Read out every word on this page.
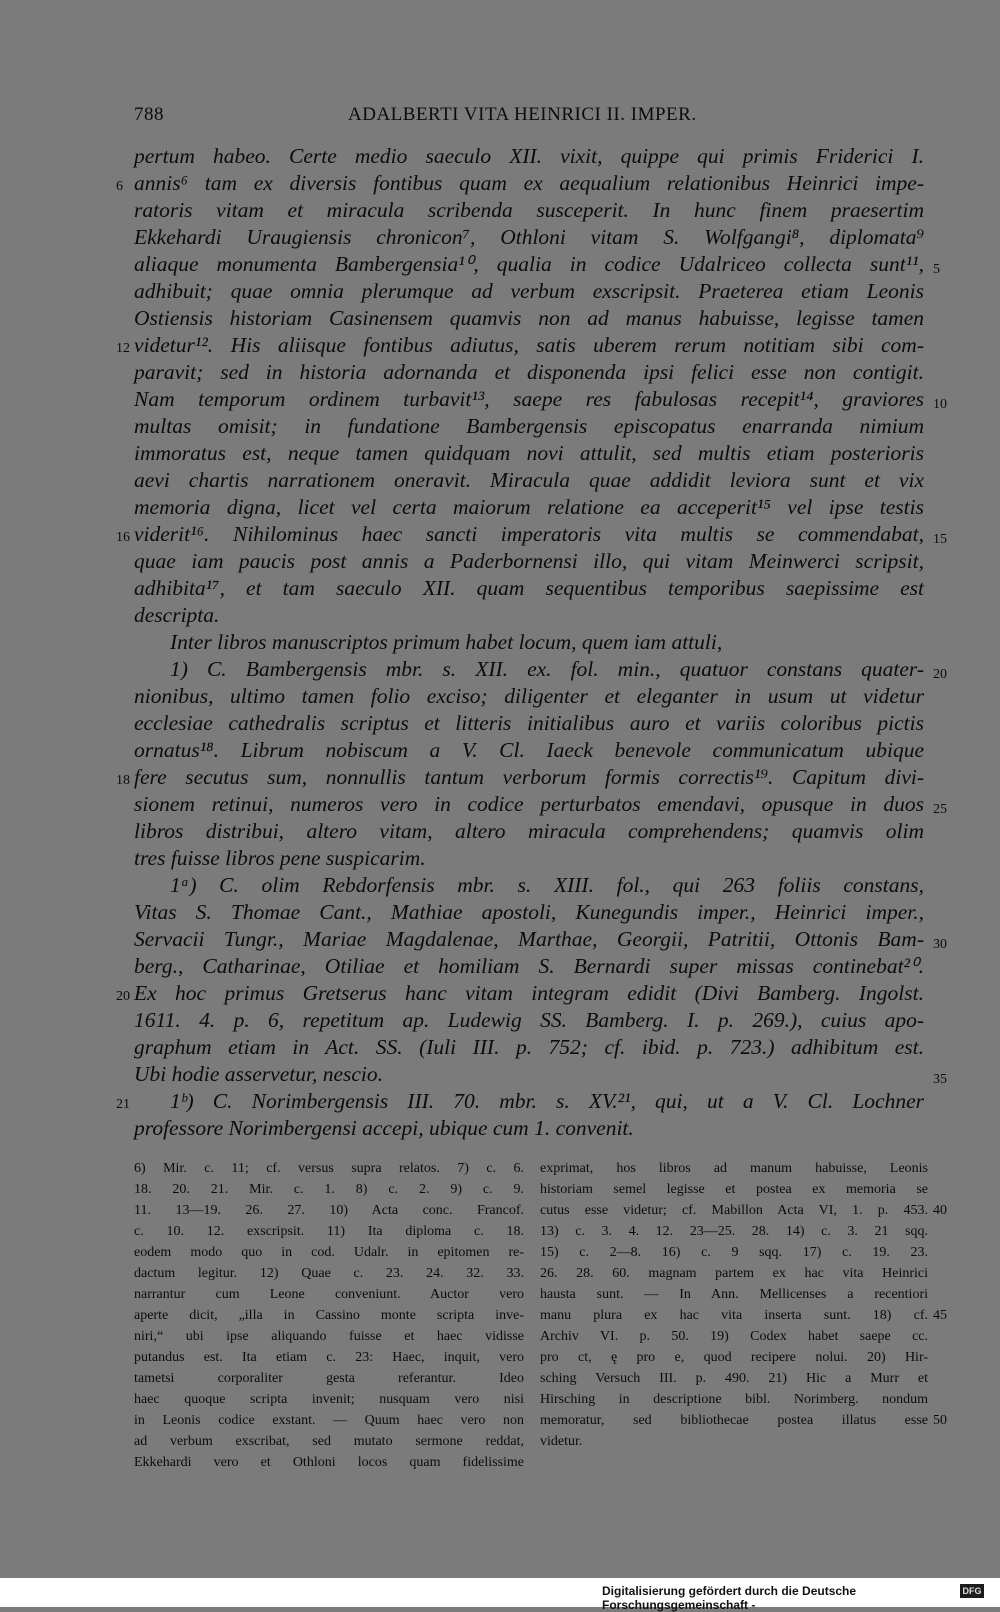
788	ADALBERTI VITA HEINRICI II. IMPER.
pertum habeo. Certe medio saeculo XII. vixit, quippe qui primis Friderici I.
annis⁶ tam ex diversis fontibus quam ex aequalium relationibus Heinrici impe-
ratoris vitam et miracula scribenda susceperit. In hunc finem praesertim
Ekkehardi Uraugiensis chronicon⁷, Othloni vitam S. Wolfgangi⁸, diplomata⁹
aliaque monumenta Bambergensia¹⁰, qualia in codice Udalriceo collecta sunt¹¹,
adhibuit; quae omnia plerumque ad verbum exscripsit. Praeterea etiam Leonis
Ostiensis historiam Casinensem quamvis non ad manus habuisse, legisse tamen
videtur¹². His aliisque fontibus adiutus, satis uberem rerum notitiam sibi com-
paravit; sed in historia adornanda et disponenda ipsi felici esse non contigit.
Nam temporum ordinem turbavit¹³, saepe res fabulosas recepit¹⁴, graviores
multas omisit; in fundatione Bambergensis episcopatus enarranda nimium
immoratus est, neque tamen quidquam novi attulit, sed multis etiam posterioris
aevi chartis narrationem oneravit. Miracula quae addidit leviora sunt et vix
memoria digna, licet vel certa maiorum relatione ea acceperit¹⁵ vel ipse testis
viderit¹⁶. Nihilominus haec sancti imperatoris vita multis se commendabat,
quae iam paucis post annis a Paderbornensi illo, qui vitam Meinwerci scripsit,
adhibita¹⁷, et tam saeculo XII. quam sequentibus temporibus saepissime est
descripta.
Inter libros manuscriptos primum habet locum, quem iam attuli,
1) C. Bambergensis mbr. s. XII. ex. fol. min., quatuor constans quater-
nionibus, ultimo tamen folio exciso; diligenter et eleganter in usum ut videtur
ecclesiae cathedralis scriptus et litteris initialibus auro et variis coloribus pictis
ornatus¹⁸. Librum nobiscum a V. Cl. Iaeck benevole communicatum ubique
fere secutus sum, nonnullis tantum verborum formis correctis¹⁹. Capitum divi-
sionem retinui, numeros vero in codice perturbatos emendavi, opusque in duos
libros distribui, altero vitam, altero miracula comprehendens; quamvis olim
tres fuisse libros pene suspicarim.
1ᵃ) C. olim Rebdorfensis mbr. s. XIII. fol., qui 263 foliis constans,
Vitas S. Thomae Cant., Mathiae apostoli, Kunegundis imper., Heinrici imper.,
Servacii Tungr., Mariae Magdalenae, Marthae, Georgii, Patritii, Ottonis Bam-
berg., Catharinae, Otiliae et homiliam S. Bernardi super missas continebat²⁰.
Ex hoc primus Gretserus hanc vitam integram edidit (Divi Bamberg. Ingolst.
1611. 4. p. 6, repetitum ap. Ludewig SS. Bamberg. I. p. 269.), cuius apo-
graphum etiam in Act. SS. (Iuli III. p. 752; cf. ibid. p. 723.) adhibitum est.
Ubi hodie asservetur, nescio.
1ᵇ) C. Norimbergensis III. 70. mbr. s. XV.²¹, qui, ut a V. Cl. Lochner
professore Norimbergensi accepi, ubique cum 1. convenit.
6
12
16
18
20
21
5
10
15
20
25
30
35
40
45
50
6) Mir. c. 11; cf. versus supra relatos. 7) c. 6.
18. 20. 21. Mir. c. 1. 8) c. 2. 9) c. 9.
11. 13—19. 26. 27. 10) Acta conc. Francof.
c. 10. 12. exscripsit. 11) Ita diploma c. 18.
eodem modo quo in cod. Udalr. in epitomen re-
dactum legitur. 12) Quae c. 23. 24. 32. 33.
narrantur cum Leone conveniunt. Auctor vero
aperte dicit, „illa in Cassino monte scripta inve-
niri,“ ubi ipse aliquando fuisse et haec vidisse
putandus est. Ita etiam c. 23: Haec, inquit, vero
tametsi corporaliter gesta referantur. Ideo
haec quoque scripta invenit; nusquam vero nisi
in Leonis codice exstant. — Quum haec vero non
ad verbum exscribat, sed mutato sermone reddat,
Ekkehardi vero et Othloni locos quam fidelissime
exprimat, hos libros ad manum habuisse, Leonis
historiam semel legisse et postea ex memoria se
cutus esse videtur; cf. Mabillon Acta VI, 1. p. 453.
13) c. 3. 4. 12. 23—25. 28. 14) c. 3. 21 sqq.
15) c. 2—8. 16) c. 9 sqq. 17) c. 19. 23.
26. 28. 60. magnam partem ex hac vita Heinrici
hausta sunt. — In Ann. Mellicenses a recentiori
manu plura ex hac vita inserta sunt. 18) cf.
Archiv VI. p. 50. 19) Codex habet saepe cc.
pro ct, ę pro e, quod recipere nolui. 20) Hir-
sching Versuch III. p. 490. 21) Hic a Murr et
Hirsching in descriptione bibl. Norimberg. nondum
memoratur, sed bibliothecae postea illatus esse
videtur.
Digitalisierung gefördert durch die Deutsche Forschungsgemeinschaft -
DFG
